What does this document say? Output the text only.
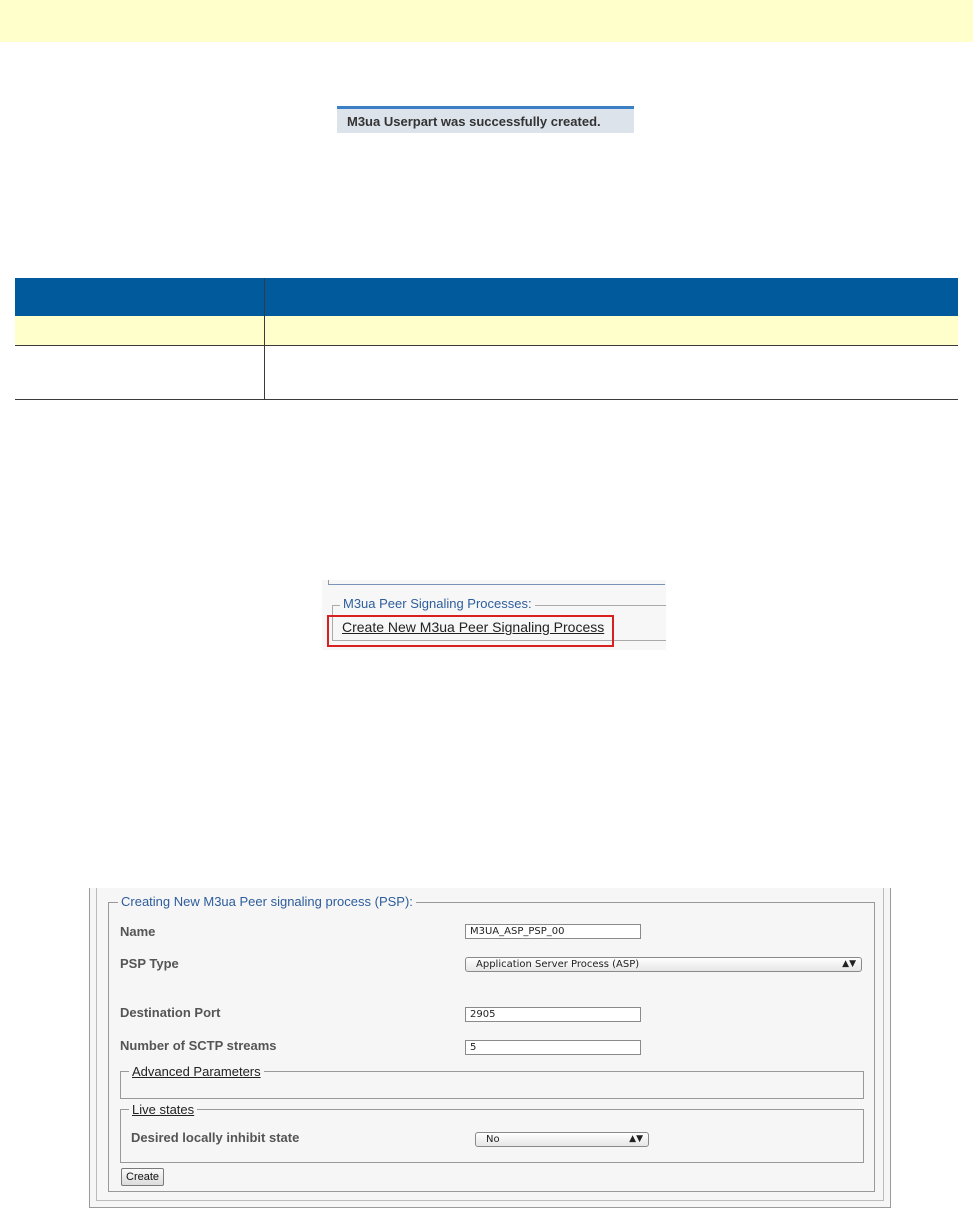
M3ua Userpart was successfully created.

M3ua Peer Signaling Processes:
Create New M3ua Peer Signaling Process
Creating New M3ua Peer signaling process (PSP):
Name	M3UA_ASP_PSP_00
PSP Type	Application Server Process (ASP)	▲▼
Destination Port	2905
Number of SCTP streams	5
Advanced Parameters
Live states
Desired locally inhibit state	No	▲▼
Create
